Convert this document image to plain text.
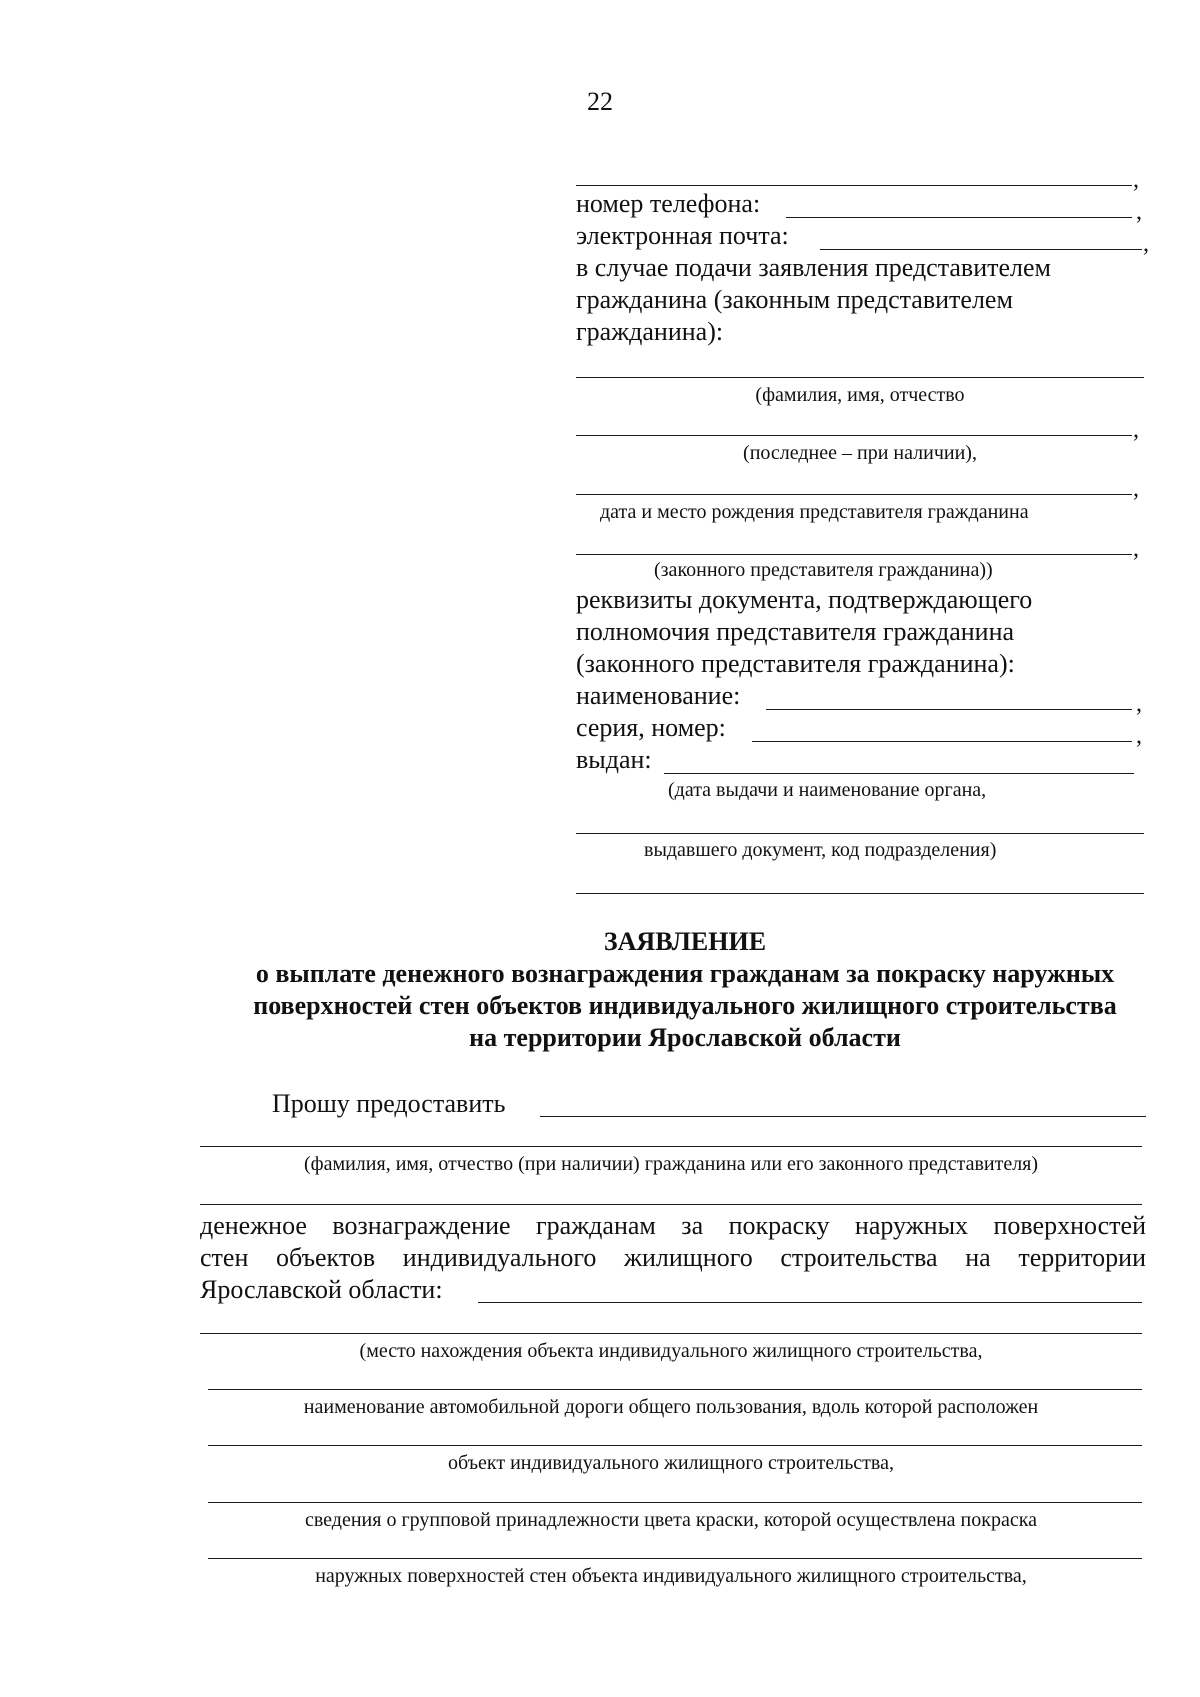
22
,
номер телефона:	,
электронная почта:	,
в случае подачи заявления представителем
гражданина (законным представителем
гражданина):
(фамилия, имя, отчество
,
(последнее – при наличии),
,
дата и место рождения представителя гражданина
,
(законного представителя гражданина))
реквизиты документа, подтверждающего
полномочия представителя гражданина
(законного представителя гражданина):
наименование:	,
серия, номер:	,
выдан:
(дата выдачи и наименование органа,
выдавшего документ, код подразделения)
ЗАЯВЛЕНИЕ
о выплате денежного вознаграждения гражданам за покраску наружных
поверхностей стен объектов индивидуального жилищного строительства
на территории Ярославской области
Прошу предоставить
(фамилия, имя, отчество (при наличии) гражданина или его законного представителя)
денежное вознаграждение гражданам за покраску наружных поверхностей
стен объектов индивидуального жилищного строительства на территории
Ярославской области:
(место нахождения объекта индивидуального жилищного строительства,
наименование автомобильной дороги общего пользования, вдоль которой расположен
объект индивидуального жилищного строительства,
сведения о групповой принадлежности цвета краски, которой осуществлена покраска
наружных поверхностей стен объекта индивидуального жилищного строительства,
